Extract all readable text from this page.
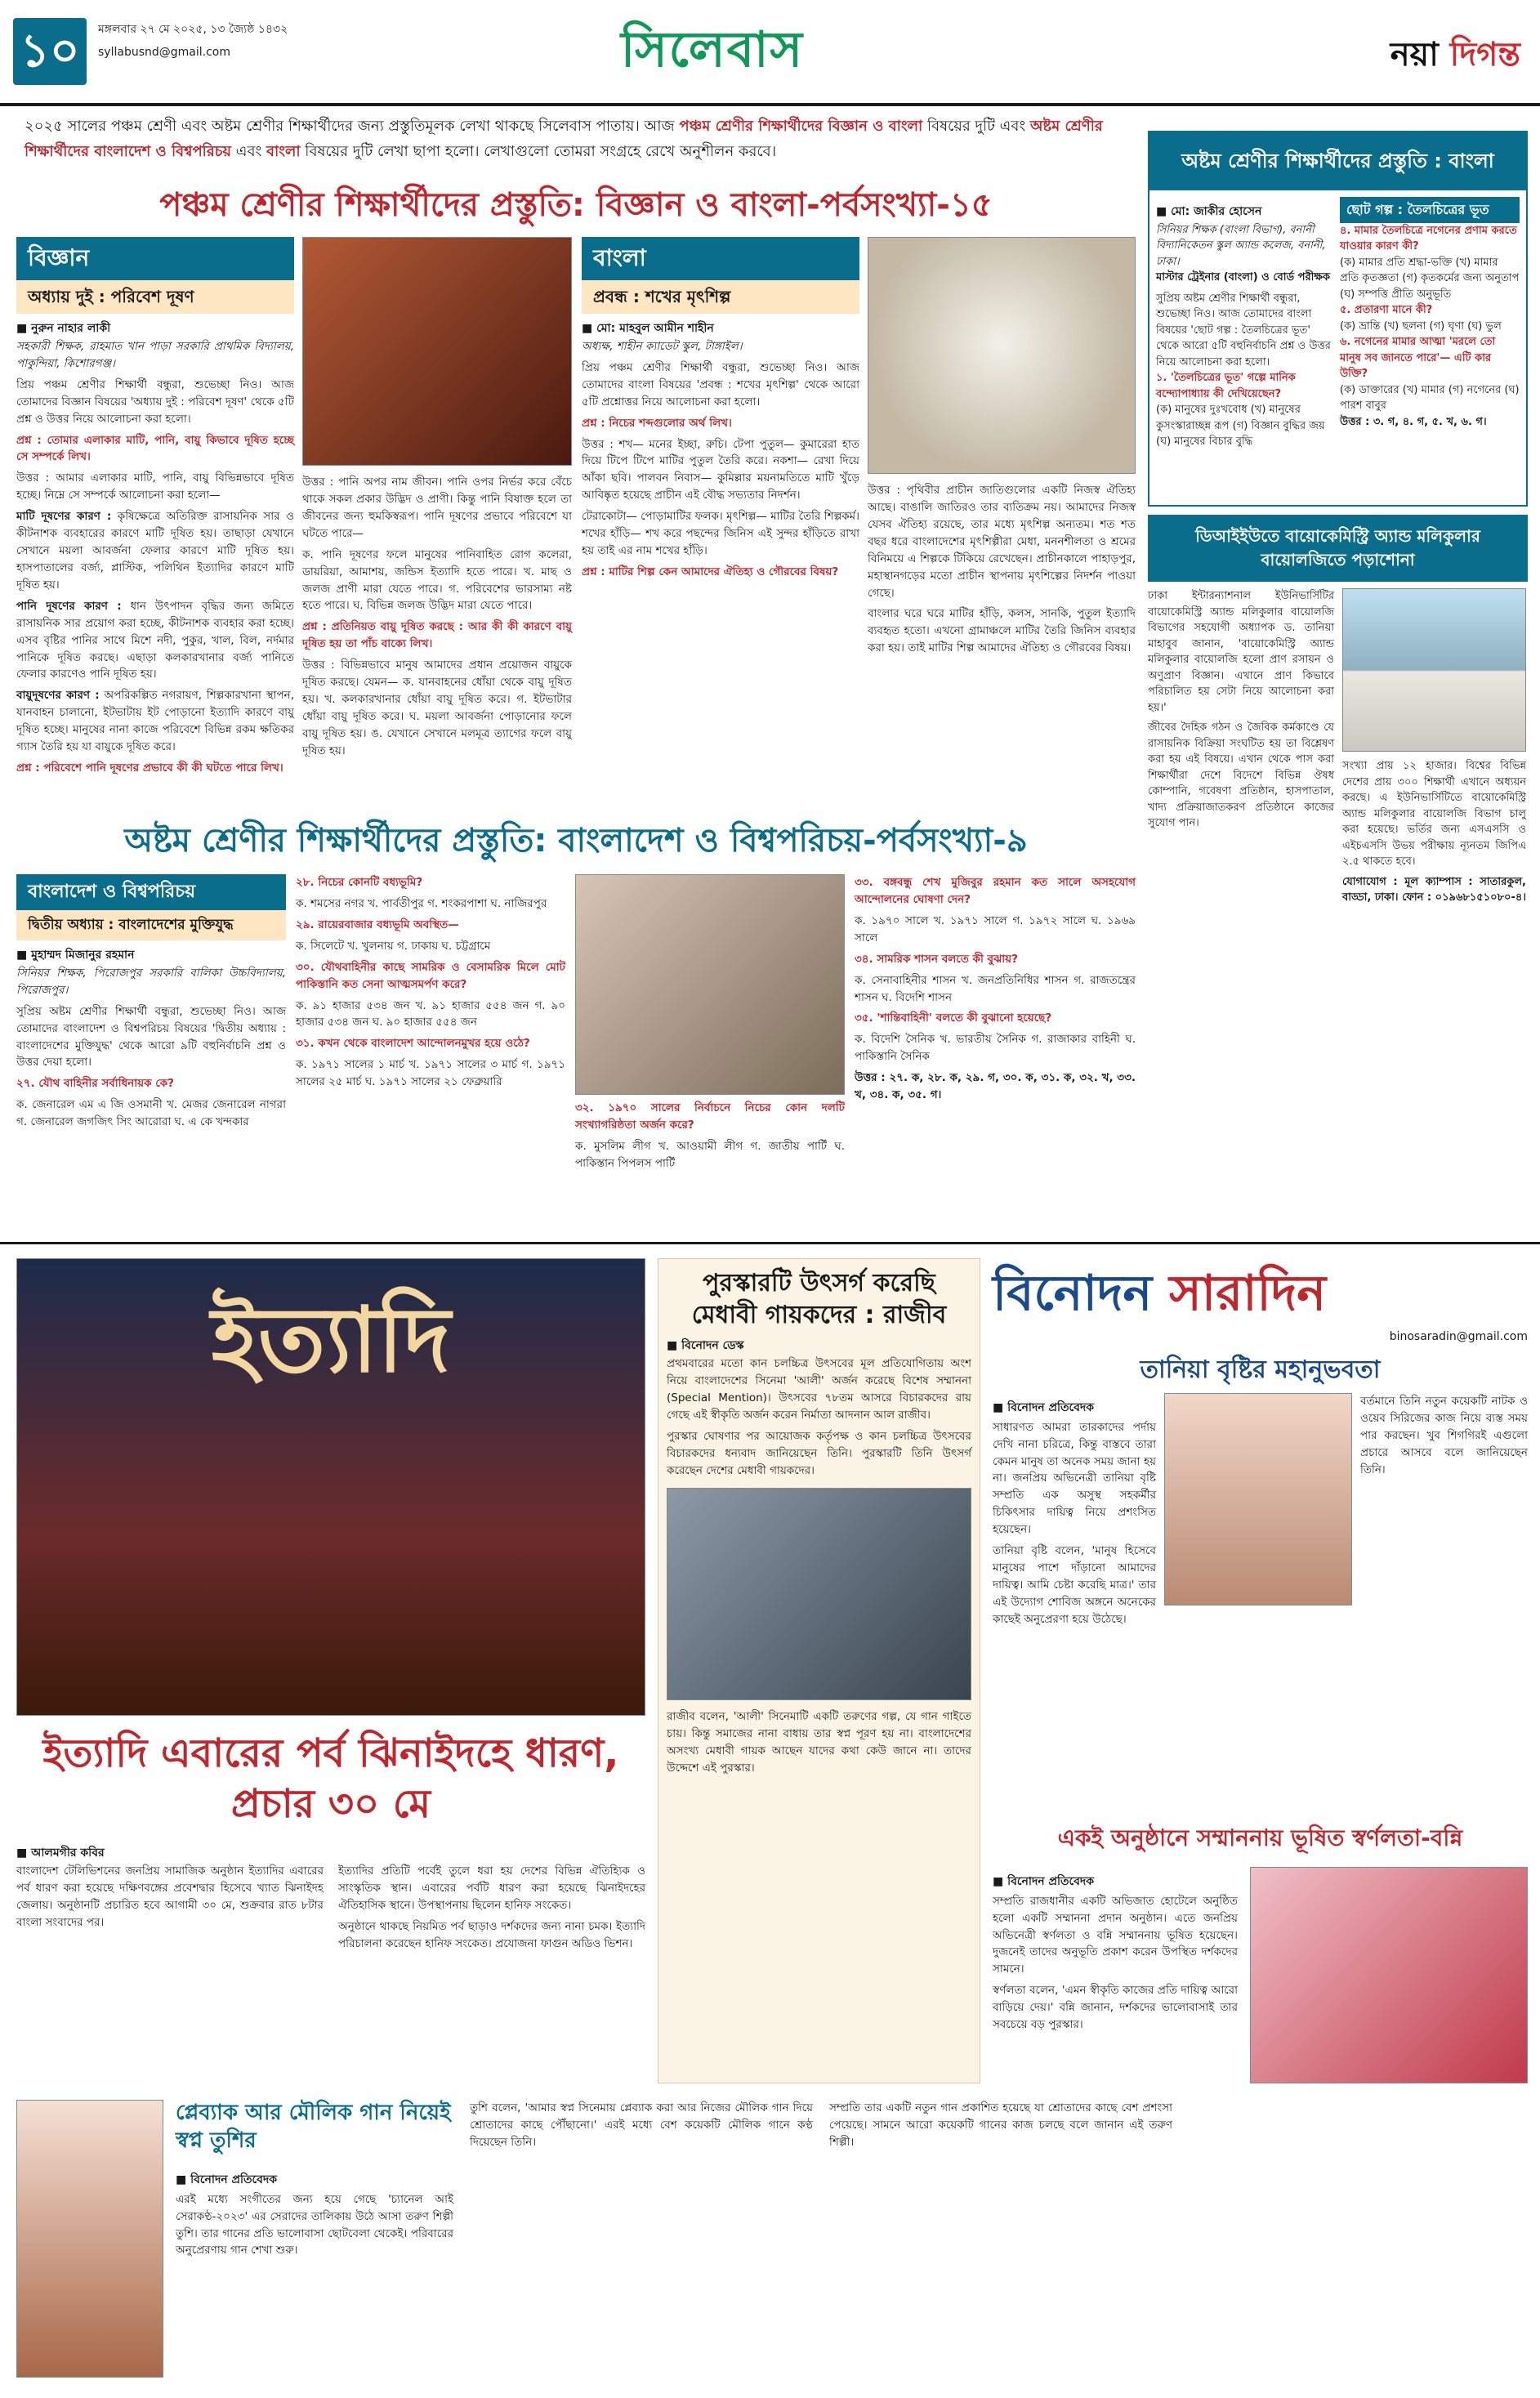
১০	মঙ্গলবার ২৭ মে ২০২৫, ১৩ জ্যৈষ্ঠ ১৪৩২
syllabusnd@gmail.com	সিলেবাস	নয়া দিগন্ত
২০২৫ সালের পঞ্চম শ্রেণী এবং অষ্টম শ্রেণীর শিক্ষার্থীদের জন্য প্রস্তুতিমূলক লেখা থাকছে সিলেবাস পাতায়। আজ পঞ্চম শ্রেণীর শিক্ষার্থীদের বিজ্ঞান ও বাংলা বিষয়ের দুটি এবং অষ্টম শ্রেণীর শিক্ষার্থীদের বাংলাদেশ ও বিশ্বপরিচয় এবং বাংলা বিষয়ের দুটি লেখা ছাপা হলো। লেখাগুলো তোমরা সংগ্রহে রেখে অনুশীলন করবে।
পঞ্চম শ্রেণীর শিক্ষার্থীদের প্রস্তুতি: বিজ্ঞান ও বাংলা-পর্বসংখ্যা-১৫
বিজ্ঞান
অধ্যায় দুই : পরিবেশ দূষণ
■ নুরুন নাহার লাকী

সহকারী শিক্ষক, রাহমাত খান পাড়া সরকারি প্রাথমিক বিদ্যালয়, পাকুন্দিয়া, কিশোরগঞ্জ।

প্রিয় পঞ্চম শ্রেণীর শিক্ষার্থী বন্ধুরা, শুভেচ্ছা নিও। আজ তোমাদের বিজ্ঞান বিষয়ের 'অধ্যায় দুই : পরিবেশ দূষণ' থেকে ৫টি প্রশ্ন ও উত্তর নিয়ে আলোচনা করা হলো।

প্রশ্ন : তোমার এলাকার মাটি, পানি, বায়ু কিভাবে দূষিত হচ্ছে সে সম্পর্কে লিখ।

উত্তর : আমার এলাকার মাটি, পানি, বায়ু বিভিন্নভাবে দূষিত হচ্ছে। নিম্নে সে সম্পর্কে আলোচনা করা হলো—

মাটি দূষণের কারণ : কৃষিক্ষেত্রে অতিরিক্ত রাসায়নিক সার ও কীটনাশক ব্যবহারের কারণে মাটি দূষিত হয়। তাছাড়া যেখানে সেখানে ময়লা আবর্জনা ফেলার কারণে মাটি দূষিত হয়। হাসপাতালের বর্জ্য, প্লাস্টিক, পলিথিন ইত্যাদির কারণে মাটি দূষিত হয়।

পানি দূষণের কারণ : ধান উৎপাদন বৃদ্ধির জন্য জমিতে রাসায়নিক সার প্রয়োগ করা হচ্ছে, কীটনাশক ব্যবহার করা হচ্ছে। এসব বৃষ্টির পানির সাথে মিশে নদী, পুকুর, খাল, বিল, নর্দমার পানিকে দূষিত করছে। এছাড়া কলকারখানার বর্জ্য পানিতে ফেলার কারণেও পানি দূষিত হয়।

বায়ুদূষণের কারণ : অপরিকল্পিত নগরায়ণ, শিল্পকারখানা স্থাপন, যানবাহন চালানো, ইটভাটায় ইট পোড়ানো ইত্যাদি কারণে বায়ু দূষিত হচ্ছে। মানুষের নানা কাজে পরিবেশে বিভিন্ন রকম ক্ষতিকর গ্যাস তৈরি হয় যা বায়ুকে দূষিত করে।

প্রশ্ন : পরিবেশে পানি দূষণের প্রভাবে কী কী ঘটতে পারে লিখ।

উত্তর : পানি অপর নাম জীবন। পানি ওপর নির্ভর করে বেঁচে থাকে সকল প্রকার উদ্ভিদ ও প্রাণী। কিন্তু পানি বিষাক্ত হলে তা জীবনের জন্য হুমকিস্বরূপ। পানি দূষণের প্রভাবে পরিবেশে যা ঘটতে পারে—

ক. পানি দূষণের ফলে মানুষের পানিবাহিত রোগ কলেরা, ডায়রিয়া, আমাশয়, জন্ডিস ইত্যাদি হতে পারে। খ. মাছ ও জলজ প্রাণী মারা যেতে পারে। গ. পরিবেশের ভারসাম্য নষ্ট হতে পারে। ঘ. বিভিন্ন জলজ উদ্ভিদ মারা যেতে পারে।

প্রশ্ন : প্রতিনিয়ত বায়ু দূষিত করছে : আর কী কী কারণে বায়ু দূষিত হয় তা পাঁচ বাক্যে লিখ।

উত্তর : বিভিন্নভাবে মানুষ আমাদের প্রধান প্রয়োজন বায়ুকে দূষিত করছে। যেমন— ক. যানবাহনের ধোঁয়া থেকে বায়ু দূষিত হয়। খ. কলকারখানার ধোঁয়া বায়ু দূষিত করে। গ. ইটভাটার ধোঁয়া বায়ু দূষিত করে। ঘ. ময়লা আবর্জনা পোড়ানোর ফলে বায়ু দূষিত হয়। ঙ. যেখানে সেখানে মলমূত্র ত্যাগের ফলে বায়ু দূষিত হয়।

বাংলা
প্রবন্ধ : শখের মৃৎশিল্প
■ মো: মাহবুল আমীন শাহীন

অধ্যক্ষ, শাহীন ক্যাডেট স্কুল, টাঙ্গাইল।

প্রিয় পঞ্চম শ্রেণীর শিক্ষার্থী বন্ধুরা, শুভেচ্ছা নিও। আজ তোমাদের বাংলা বিষয়ের 'প্রবন্ধ : শখের মৃৎশিল্প' থেকে আরো ৫টি প্রশ্নোত্তর নিয়ে আলোচনা করা হলো।

প্রশ্ন : নিচের শব্দগুলোর অর্থ লিখ।

উত্তর : শখ— মনের ইচ্ছা, রুচি। টেপা পুতুল— কুমারেরা হাত দিয়ে টিপে টিপে মাটির পুতুল তৈরি করে। নকশা— রেখা দিয়ে আঁকা ছবি। পালবন নিবাস— কুমিল্লার ময়নামতিতে মাটি খুঁড়ে আবিষ্কৃত হয়েছে প্রাচীন এই বৌদ্ধ সভ্যতার নিদর্শন।

টেরাকোটা— পোড়ামাটির ফলক। মৃৎশিল্প— মাটির তৈরি শিল্পকর্ম। শখের হাঁড়ি— শখ করে পছন্দের জিনিস এই সুন্দর হাঁড়িতে রাখা হয় তাই এর নাম শখের হাঁড়ি।

প্রশ্ন : মাটির শিল্প কেন আমাদের ঐতিহ্য ও গৌরবের বিষয়?

উত্তর : পৃথিবীর প্রাচীন জাতিগুলোর একটি নিজস্ব ঐতিহ্য আছে। বাঙালি জাতিরও তার ব্যতিক্রম নয়। আমাদের নিজস্ব যেসব ঐতিহ্য রয়েছে, তার মধ্যে মৃৎশিল্প অন্যতম। শত শত বছর ধরে বাংলাদেশের মৃৎশিল্পীরা মেধা, মননশীলতা ও শ্রমের বিনিময়ে এ শিল্পকে টিকিয়ে রেখেছেন। প্রাচীনকালে পাহাড়পুর, মহাস্থানগড়ের মতো প্রাচীন স্থাপনায় মৃৎশিল্পের নিদর্শন পাওয়া গেছে।

বাংলার ঘরে ঘরে মাটির হাঁড়ি, কলস, সানকি, পুতুল ইত্যাদি ব্যবহৃত হতো। এখনো গ্রামাঞ্চলে মাটির তৈরি জিনিস ব্যবহার করা হয়। তাই মাটির শিল্প আমাদের ঐতিহ্য ও গৌরবের বিষয়।

অষ্টম শ্রেণীর শিক্ষার্থীদের প্রস্তুতি : বাংলা
■ মো: জাকীর হোসেন

সিনিয়র শিক্ষক (বাংলা বিভাগ), বনানী বিদ্যানিকেতন স্কুল অ্যান্ড কলেজ, বনানী, ঢাকা।

মাস্টার ট্রেইনার (বাংলা) ও বোর্ড পরীক্ষক

সুপ্রিয় অষ্টম শ্রেণীর শিক্ষার্থী বন্ধুরা, শুভেচ্ছা নিও। আজ তোমাদের বাংলা বিষয়ের 'ছোট গল্প : তৈলচিত্রের ভূত' থেকে আরো ৫টি বহুনির্বাচনি প্রশ্ন ও উত্তর নিয়ে আলোচনা করা হলো।

১. 'তৈলচিত্রের ভূত' গল্পে মানিক বন্দ্যোপাধ্যায় কী দেখিয়েছেন?

(ক) মানুষের দুঃখবোধ (খ) মানুষের কুসংস্কারাচ্ছন্ন রূপ (গ) বিজ্ঞান বুদ্ধির জয় (ঘ) মানুষের বিচার বুদ্ধি

ছোট গল্প : তৈলচিত্রের ভূত

৪. মামার তৈলচিত্রে নগেনের প্রণাম করতে যাওয়ার কারণ কী?

(ক) মামার প্রতি শ্রদ্ধা-ভক্তি (খ) মামার প্রতি কৃতজ্ঞতা (গ) কৃতকর্মের জন্য অনুতাপ (ঘ) সম্পত্তি প্রীতি অনুভূতি

৫. প্রতারণা মানে কী?

(ক) ভ্রান্তি (খ) ছলনা (গ) ঘৃণা (ঘ) ভুল

৬. নগেনের মামার আত্মা 'মরলে তো মানুষ সব জানতে পারে'— এটি কার উক্তি?

(ক) ডাক্তারের (খ) মামার (গ) নগেনের (ঘ) পারশ বাবুর

উত্তর : ৩. গ, ৪. গ, ৫. খ, ৬. গ।

ডিআইইউতে বায়োকেমিস্ট্রি অ্যান্ড মলিকুলার বায়োলজিতে পড়াশোনা

ঢাকা ইন্টারন্যাশনাল ইউনিভার্সিটির বায়োকেমিস্ট্রি অ্যান্ড মলিকুলার বায়োলজি বিভাগের সহযোগী অধ্যাপক ড. তানিয়া মাহাবুব জানান, 'বায়োকেমিস্ট্রি অ্যান্ড মলিকুলার বায়োলজি হলো প্রাণ রসায়ন ও অণুপ্রাণ বিজ্ঞান। এখানে প্রাণ কিভাবে পরিচালিত হয় সেটা নিয়ে আলোচনা করা হয়।'

জীবের দৈহিক গঠন ও জৈবিক কর্মকাণ্ডে যে রাসায়নিক বিক্রিয়া সংঘটিত হয় তা বিশ্লেষণ করা হয় এই বিষয়ে। এখান থেকে পাস করা শিক্ষার্থীরা দেশে বিদেশে বিভিন্ন ঔষধ কোম্পানি, গবেষণা প্রতিষ্ঠান, হাসপাতাল, খাদ্য প্রক্রিয়াজাতকরণ প্রতিষ্ঠানে কাজের সুযোগ পান।

সংখ্যা প্রায় ১২ হাজার। বিশ্বের বিভিন্ন দেশের প্রায় ৩০০ শিক্ষার্থী এখানে অধ্যয়ন করছে। এ ইউনিভার্সিটিতে বায়োকেমিস্ট্রি অ্যান্ড মলিকুলার বায়োলজি বিভাগ চালু করা হয়েছে। ভর্তির জন্য এসএসসি ও এইচএসসি উভয় পরীক্ষায় ন্যূনতম জিপিএ ২.৫ থাকতে হবে।

যোগাযোগ : মূল ক্যাম্পাস : সাতারকুল, বাড্ডা, ঢাকা। ফোন : ০১৯৬৮১৫১০৮০-৪।

অষ্টম শ্রেণীর শিক্ষার্থীদের প্রস্তুতি: বাংলাদেশ ও বিশ্বপরিচয়-পর্বসংখ্যা-৯
বাংলাদেশ ও বিশ্বপরিচয়
দ্বিতীয় অধ্যায় : বাংলাদেশের মুক্তিযুদ্ধ
■ মুহাম্মদ মিজানুর রহমান

সিনিয়র শিক্ষক, পিরোজপুর সরকারি বালিকা উচ্চবিদ্যালয়, পিরোজপুর।

সুপ্রিয় অষ্টম শ্রেণীর শিক্ষার্থী বন্ধুরা, শুভেচ্ছা নিও। আজ তোমাদের বাংলাদেশ ও বিশ্বপরিচয় বিষয়ের 'দ্বিতীয় অধ্যায় : বাংলাদেশের মুক্তিযুদ্ধ' থেকে আরো ৯টি বহুনির্বাচনি প্রশ্ন ও উত্তর দেয়া হলো।

২৭. যৌথ বাহিনীর সর্বাধিনায়ক কে?

ক. জেনারেল এম এ জি ওসমানী খ. মেজর জেনারেল নাগরা গ. জেনারেল জগজিৎ সিং আরোরা ঘ. এ কে খন্দকার

২৮. নিচের কোনটি বধ্যভূমি?

ক. শমসের নগর খ. পার্বতীপুর গ. শংকরপাশা ঘ. নাজিরপুর

২৯. রায়েরবাজার বধ্যভূমি অবস্থিত—

ক. সিলেটে খ. খুলনায় গ. ঢাকায় ঘ. চট্টগ্রামে

৩০. যৌথবাহিনীর কাছে সামরিক ও বেসামরিক মিলে মোট পাকিস্তানি কত সেনা আত্মসমর্পণ করে?

ক. ৯১ হাজার ৫৩৪ জন খ. ৯১ হাজার ৫৫৪ জন গ. ৯০ হাজার ৫৩৪ জন ঘ. ৯০ হাজার ৫৫৪ জন

৩১. কখন থেকে বাংলাদেশ আন্দোলনমুখর হয়ে ওঠে?

ক. ১৯৭১ সালের ১ মার্চ খ. ১৯৭১ সালের ৩ মার্চ গ. ১৯৭১ সালের ২৫ মার্চ ঘ. ১৯৭১ সালের ২১ ফেব্রুয়ারি

৩২. ১৯৭০ সালের নির্বাচনে নিচের কোন দলটি সংখ্যাগরিষ্ঠতা অর্জন করে?

ক. মুসলিম লীগ খ. আওয়ামী লীগ গ. জাতীয় পার্টি ঘ. পাকিস্তান পিপলস পার্টি

৩৩. বঙ্গবন্ধু শেখ মুজিবুর রহমান কত সালে অসহযোগ আন্দোলনের ঘোষণা দেন?

ক. ১৯৭০ সালে খ. ১৯৭১ সালে গ. ১৯৭২ সালে ঘ. ১৯৬৯ সালে

৩৪. সামরিক শাসন বলতে কী বুঝায়?

ক. সেনাবাহিনীর শাসন খ. জনপ্রতিনিধির শাসন গ. রাজতন্ত্রের শাসন ঘ. বিদেশি শাসন

৩৫. 'শান্তিবাহিনী' বলতে কী বুঝানো হয়েছে?

ক. বিদেশি সৈনিক খ. ভারতীয় সৈনিক গ. রাজাকার বাহিনী ঘ. পাকিস্তানি সৈনিক

উত্তর : ২৭. ক, ২৮. ক, ২৯. গ, ৩০. ক, ৩১. ক, ৩২. খ, ৩৩. খ, ৩৪. ক, ৩৫. গ।

ইত্যাদি
ইত্যাদি এবারের পর্ব ঝিনাইদহে ধারণ, প্রচার ৩০ মে
■ আলমগীর কবির

বাংলাদেশ টেলিভিশনের জনপ্রিয় সামাজিক অনুষ্ঠান ইত্যাদির এবারের পর্ব ধারণ করা হয়েছে দক্ষিণবঙ্গের প্রবেশদ্বার হিসেবে খ্যাত ঝিনাইদহ জেলায়। অনুষ্ঠানটি প্রচারিত হবে আগামী ৩০ মে, শুক্রবার রাত ৮টার বাংলা সংবাদের পর।

ইত্যাদির প্রতিটি পর্বেই তুলে ধরা হয় দেশের বিভিন্ন ঐতিহ্যিক ও সাংস্কৃতিক স্থান। এবারের পর্বটি ধারণ করা হয়েছে ঝিনাইদহের ঐতিহাসিক স্থানে। উপস্থাপনায় ছিলেন হানিফ সংকেত।

অনুষ্ঠানে থাকছে নিয়মিত পর্ব ছাড়াও দর্শকদের জন্য নানা চমক। ইত্যাদি পরিচালনা করেছেন হানিফ সংকেত। প্রযোজনা ফাগুন অডিও ভিশন।

পুরস্কারটি উৎসর্গ করেছি মেধাবী গায়কদের : রাজীব
■ বিনোদন ডেস্ক

প্রথমবারের মতো কান চলচ্চিত্র উৎসবের মূল প্রতিযোগিতায় অংশ নিয়ে বাংলাদেশের সিনেমা 'আলী' অর্জন করেছে বিশেষ সম্মাননা (Special Mention)। উৎসবের ৭৮তম আসরে বিচারকদের রায় গেছে এই স্বীকৃতি অর্জন করেন নির্মাতা আদনান আল রাজীব।

পুরস্কার ঘোষণার পর আয়োজক কর্তৃপক্ষ ও কান চলচ্চিত্র উৎসবের বিচারকদের ধন্যবাদ জানিয়েছেন তিনি। পুরস্কারটি তিনি উৎসর্গ করেছেন দেশের মেধাবী গায়কদের।

রাজীব বলেন, 'আলী' সিনেমাটি একটি তরুণের গল্প, যে গান গাইতে চায়। কিন্তু সমাজের নানা বাধায় তার স্বপ্ন পূরণ হয় না। বাংলাদেশের অসংখ্য মেধাবী গায়ক আছেন যাদের কথা কেউ জানে না। তাদের উদ্দেশে এই পুরস্কার।

বিনোদন সারাদিন
binosaradin@gmail.com
তানিয়া বৃষ্টির মহানুভবতা
■ বিনোদন প্রতিবেদক

সাধারণত আমরা তারকাদের পর্দায় দেখি নানা চরিত্রে, কিন্তু বাস্তবে তারা কেমন মানুষ তা অনেক সময় জানা হয় না। জনপ্রিয় অভিনেত্রী তানিয়া বৃষ্টি সম্প্রতি এক অসুস্থ সহকর্মীর চিকিৎসার দায়িত্ব নিয়ে প্রশংসিত হয়েছেন।

তানিয়া বৃষ্টি বলেন, 'মানুষ হিসেবে মানুষের পাশে দাঁড়ানো আমাদের দায়িত্ব। আমি চেষ্টা করেছি মাত্র।' তার এই উদ্যোগ শোবিজ অঙ্গনে অনেকের কাছেই অনুপ্রেরণা হয়ে উঠেছে।

বর্তমানে তিনি নতুন কয়েকটি নাটক ও ওয়েব সিরিজের কাজ নিয়ে ব্যস্ত সময় পার করছেন। খুব শিগগিরই এগুলো প্রচারে আসবে বলে জানিয়েছেন তিনি।

একই অনুষ্ঠানে সম্মাননায় ভূষিত স্বর্ণলতা-বন্নি
■ বিনোদন প্রতিবেদক

সম্প্রতি রাজধানীর একটি অভিজাত হোটেলে অনুষ্ঠিত হলো একটি সম্মাননা প্রদান অনুষ্ঠান। এতে জনপ্রিয় অভিনেত্রী স্বর্ণলতা ও বন্নি সম্মাননায় ভূষিত হয়েছেন। দুজনেই তাদের অনুভূতি প্রকাশ করেন উপস্থিত দর্শকদের সামনে।

স্বর্ণলতা বলেন, 'এমন স্বীকৃতি কাজের প্রতি দায়িত্ব আরো বাড়িয়ে দেয়।' বন্নি জানান, দর্শকদের ভালোবাসাই তার সবচেয়ে বড় পুরস্কার।

প্লেব্যাক আর মৌলিক গান নিয়েই স্বপ্ন তুশির
■ বিনোদন প্রতিবেদক

এরই মধ্যে সংগীতের জন্য হয়ে গেছে 'চ্যানেল আই সেরাকণ্ঠ-২০২৩' এর সেরাদের তালিকায় উঠে আসা তরুণ শিল্পী তুশি। তার গানের প্রতি ভালোবাসা ছোটবেলা থেকেই। পরিবারের অনুপ্রেরণায় গান শেখা শুরু।

তুশি বলেন, 'আমার স্বপ্ন সিনেমায় প্লেব্যাক করা আর নিজের মৌলিক গান দিয়ে শ্রোতাদের কাছে পৌঁছানো।' এরই মধ্যে বেশ কয়েকটি মৌলিক গানে কণ্ঠ দিয়েছেন তিনি।

সম্প্রতি তার একটি নতুন গান প্রকাশিত হয়েছে যা শ্রোতাদের কাছে বেশ প্রশংসা পেয়েছে। সামনে আরো কয়েকটি গানের কাজ চলছে বলে জানান এই তরুণ শিল্পী।
